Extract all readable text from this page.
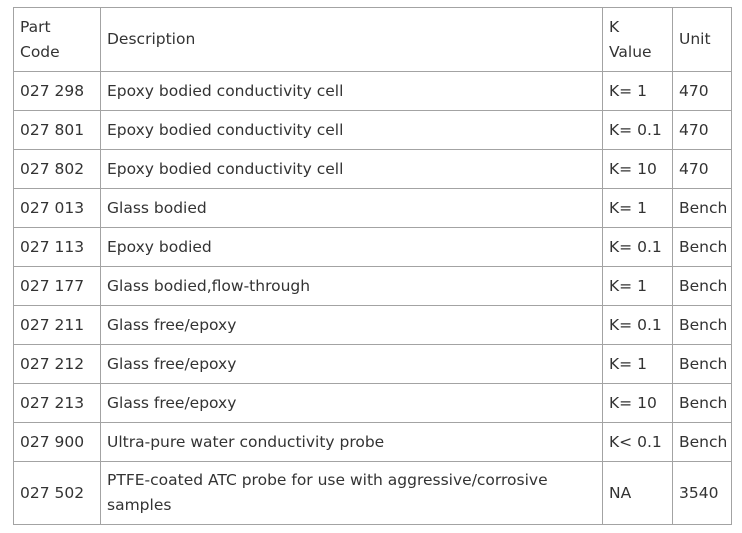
Part Code	Description	K Value	Unit
027 298	Epoxy bodied conductivity cell	K= 1	470
027 801	Epoxy bodied conductivity cell	K= 0.1	470
027 802	Epoxy bodied conductivity cell	K= 10	470
027 013	Glass bodied	K= 1	Bench
027 113	Epoxy bodied	K= 0.1	Bench
027 177	Glass bodied,flow-through	K= 1	Bench
027 211	Glass free/epoxy	K= 0.1	Bench
027 212	Glass free/epoxy	K= 1	Bench
027 213	Glass free/epoxy	K= 10	Bench
027 900	Ultra-pure water conductivity probe	K< 0.1	Bench
027 502	PTFE-coated ATC probe for use with aggressive/corrosive samples	NA	3540
